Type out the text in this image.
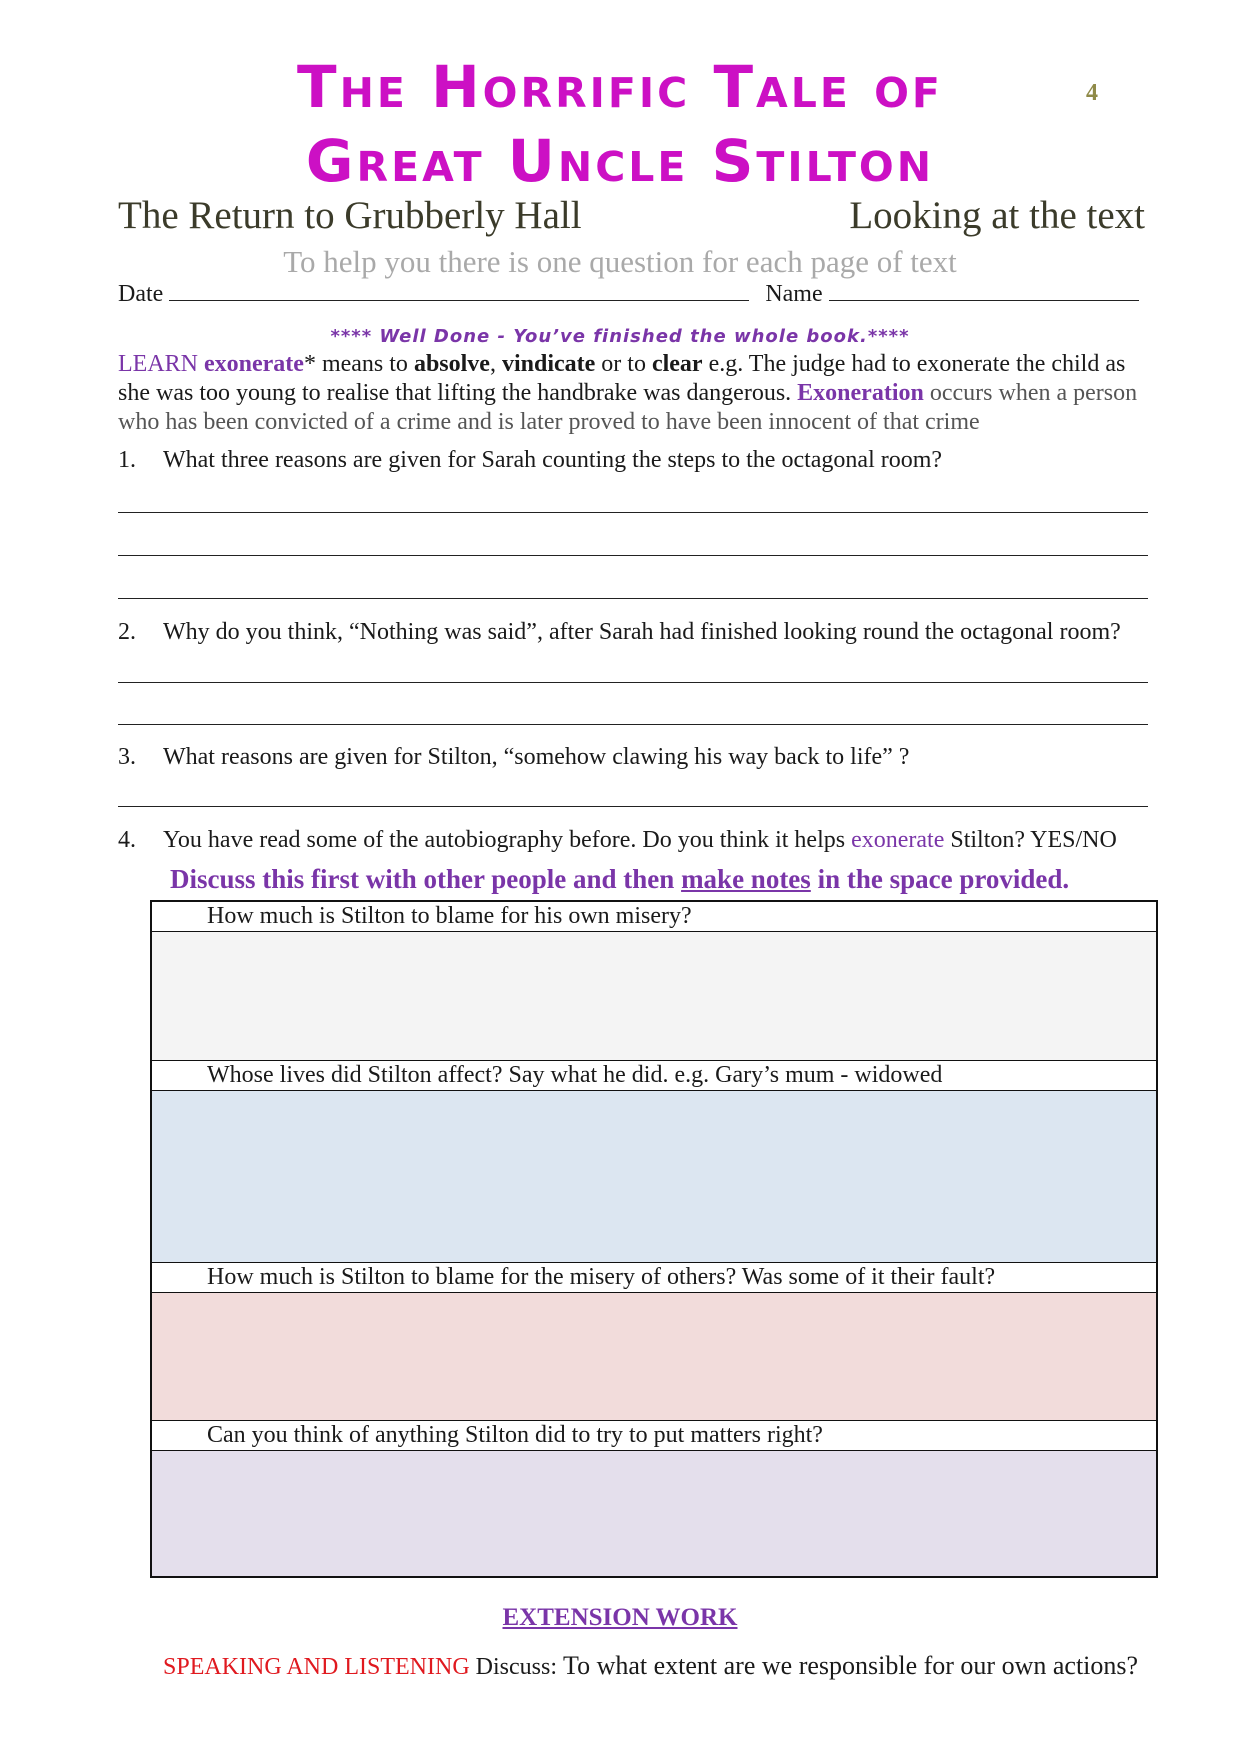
The Horrific Tale of
Great Uncle Stilton
4
The Return to Grubberly Hall	Looking at the text
To help you there is one question for each page of text
Date	Name
**** Well Done - You’ve finished the whole book.****
LEARN exonerate* means to absolve, vindicate or to clear e.g. The judge had to exonerate the child as she was too young to realise that lifting the handbrake was dangerous. Exoneration occurs when a person who has been convicted of a crime and is later proved to have been innocent of that crime
1. What three reasons are given for Sarah counting the steps to the octagonal room?
2. Why do you think, “Nothing was said”, after Sarah had finished looking round the octagonal room?
3. What reasons are given for Stilton, “somehow clawing his way back to life” ?
4. You have read some of the autobiography before. Do you think it helps exonerate Stilton? YES/NO
Discuss this first with other people and then make notes in the space provided.
How much is Stilton to blame for his own misery?
Whose lives did Stilton affect? Say what he did. e.g. Gary’s mum - widowed
How much is Stilton to blame for the misery of others? Was some of it their fault?
Can you think of anything Stilton did to try to put matters right?
EXTENSION WORK
SPEAKING AND LISTENING Discuss: To what extent are we responsible for our own actions?
